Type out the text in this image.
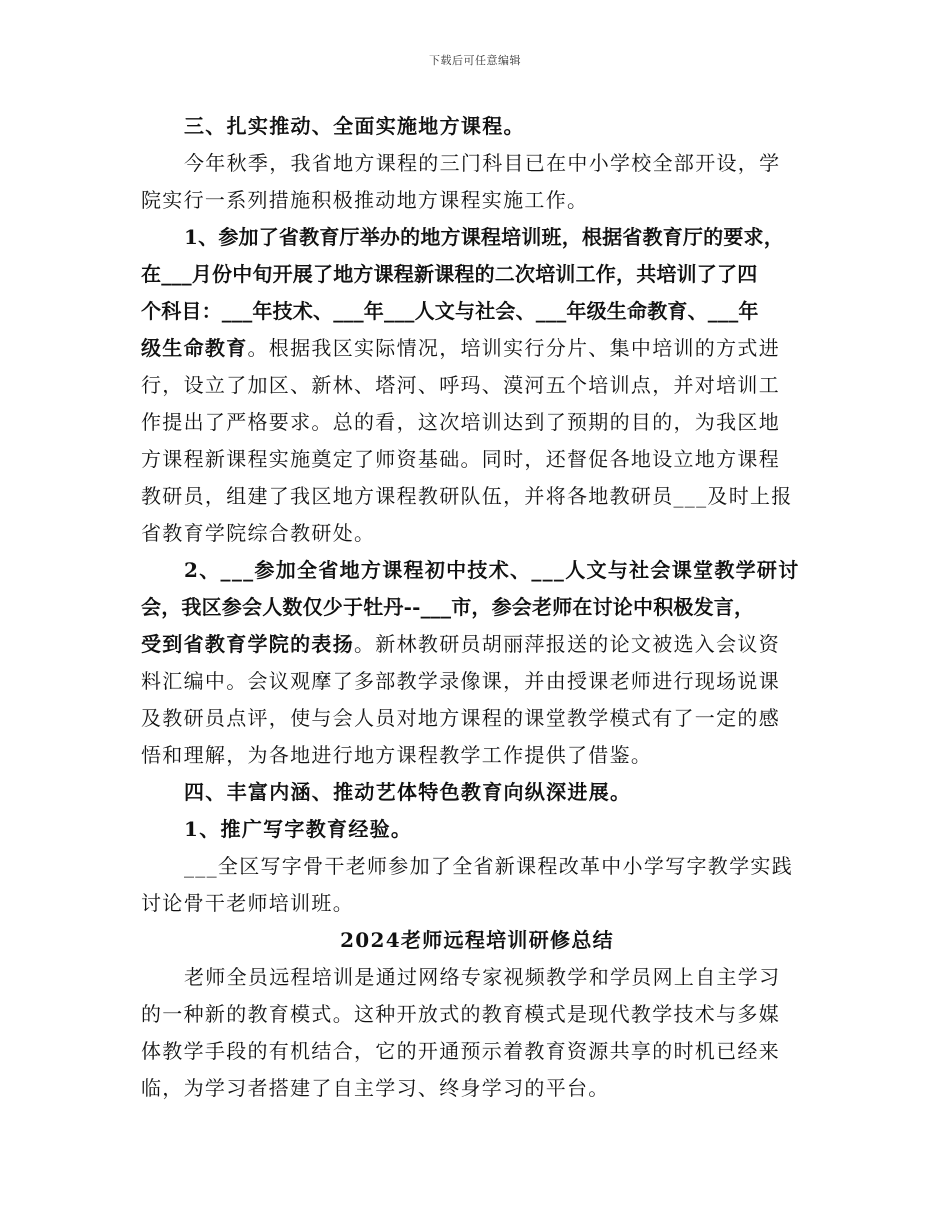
下载后可任意编辑
三、扎实推动、全面实施地方课程。
今年秋季，我省地方课程的三门科目已在中小学校全部开设，学
院实行一系列措施积极推动地方课程实施工作。
1、参加了省教育厅举办的地方课程培训班，根据省教育厅的要求，
在___月份中旬开展了地方课程新课程的二次培训工作，共培训了了四
个科目：___年技术、___年___人文与社会、___年级生命教育、___年
级生命教育。根据我区实际情况，培训实行分片、集中培训的方式进
行，设立了加区、新林、塔河、呼玛、漠河五个培训点，并对培训工
作提出了严格要求。总的看，这次培训达到了预期的目的，为我区地
方课程新课程实施奠定了师资基础。同时，还督促各地设立地方课程
教研员，组建了我区地方课程教研队伍，并将各地教研员___及时上报
省教育学院综合教研处。
2、___参加全省地方课程初中技术、___人文与社会课堂教学研讨
会，我区参会人数仅少于牡丹--___市，参会老师在讨论中积极发言，
受到省教育学院的表扬。新林教研员胡丽萍报送的论文被选入会议资
料汇编中。会议观摩了多部教学录像课，并由授课老师进行现场说课
及教研员点评，使与会人员对地方课程的课堂教学模式有了一定的感
悟和理解，为各地进行地方课程教学工作提供了借鉴。
四、丰富内涵、推动艺体特色教育向纵深进展。
1、推广写字教育经验。
___全区写字骨干老师参加了全省新课程改革中小学写字教学实践
讨论骨干老师培训班。
2024老师远程培训研修总结
老师全员远程培训是通过网络专家视频教学和学员网上自主学习
的一种新的教育模式。这种开放式的教育模式是现代教学技术与多媒
体教学手段的有机结合，它的开通预示着教育资源共享的时机已经来
临，为学习者搭建了自主学习、终身学习的平台。
